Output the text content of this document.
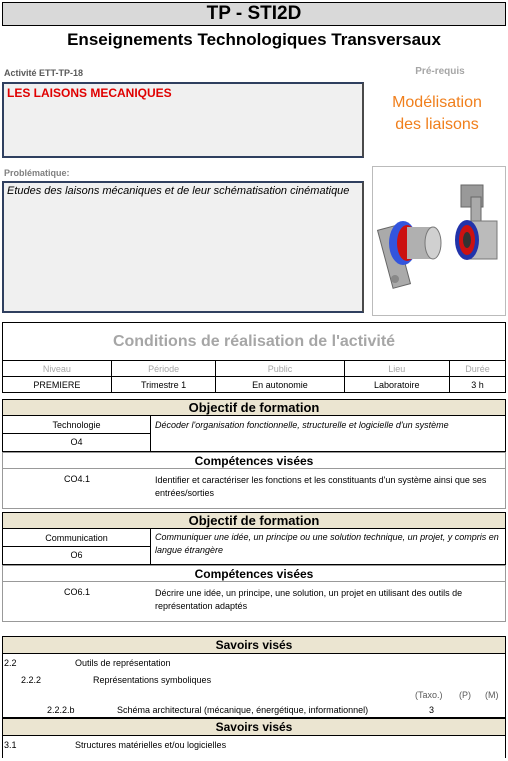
TP - STI2D
Enseignements Technologiques Transversaux
Activité ETT-TP-18
LES LAISONS MECANIQUES
Pré-requis
Modélisation
des liaisons
Problématique:
Etudes des laisons mécaniques et de leur schématisation cinématique
Conditions de réalisation de l'activité
Niveau	Période	Public	Lieu	Durée
PREMIERE	Trimestre 1	En autonomie	Laboratoire	3 h
Objectif de formation
Technologie
O4
Décoder l'organisation fonctionnelle, structurelle et logicielle d'un système
Compétences visées
CO4.1	Identifier et caractériser les fonctions et les constituants d'un système ainsi que ses entrées/sorties
Objectif de formation
Communication
O6
Communiquer une idée, un principe ou une solution technique, un projet, y compris en langue étrangère
Compétences visées
CO6.1	Décrire une idée, un principe, une solution, un projet en utilisant des outils de représentation adaptés
Savoirs visés
2.2	Outils de représentation
2.2.2	Représentations symboliques
(Taxo.) (P) (M)
2.2.2.b	Schéma architectural (mécanique, énergétique, informationnel)	3
Savoirs visés
3.1	Structures matérielles et/ou logicielles
